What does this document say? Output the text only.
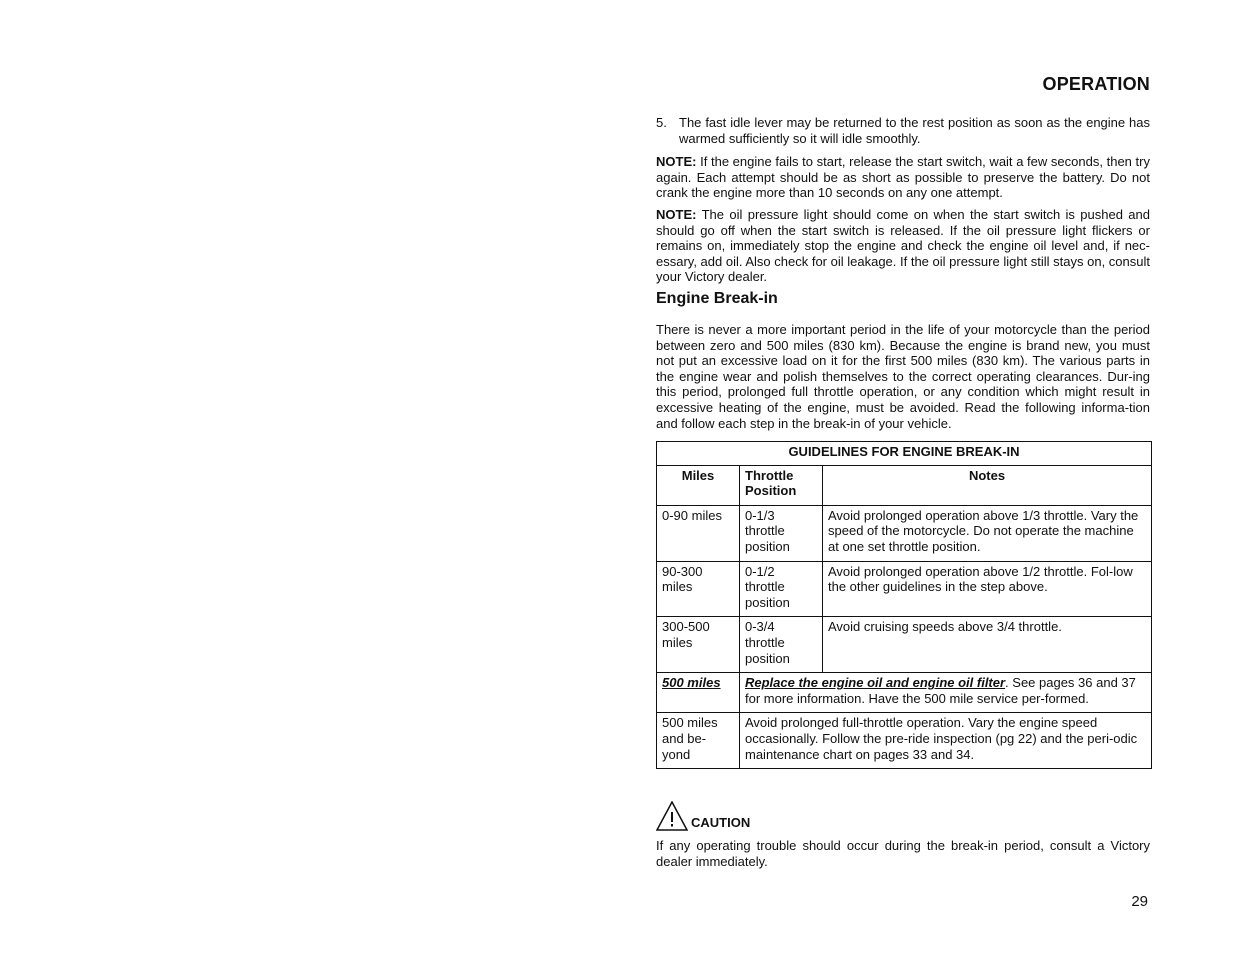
OPERATION
5. The fast idle lever may be returned to the rest position as soon as the engine has warmed sufficiently so it will idle smoothly.

NOTE: If the engine fails to start, release the start switch, wait a few seconds, then try again. Each attempt should be as short as possible to preserve the battery. Do not crank the engine more than 10 seconds on any one attempt.

NOTE: The oil pressure light should come on when the start switch is pushed and should go off when the start switch is released. If the oil pressure light flickers or remains on, immediately stop the engine and check the engine oil level and, if nec-essary, add oil. Also check for oil leakage. If the oil pressure light still stays on, consult your Victory dealer.

Engine Break-in

There is never a more important period in the life of your motorcycle than the period between zero and 500 miles (830 km). Because the engine is brand new, you must not put an excessive load on it for the first 500 miles (830 km). The various parts in the engine wear and polish themselves to the correct operating clearances. Dur-ing this period, prolonged full throttle operation, or any condition which might result in excessive heating of the engine, must be avoided. Read the following informa-tion and follow each step in the break-in of your vehicle.

GUIDELINES FOR ENGINE BREAK-IN		
Miles	Throttle Position	Notes
0-90 miles	0-1/3 throttle position	Avoid prolonged operation above 1/3 throttle. Vary the speed of the motorcycle. Do not operate the machine at one set throttle position.
90-300 miles	0-1/2 throttle position	Avoid prolonged operation above 1/2 throttle. Fol-low the other guidelines in the step above.
300-500 miles	0-3/4 throttle position	Avoid cruising speeds above 3/4 throttle.
500 miles	Replace the engine oil and engine oil filter. See pages 36 and 37 for more information. Have the 500 mile service per-formed.	
500 miles and be-yond	Avoid prolonged full-throttle operation. Vary the engine speed occasionally. Follow the pre-ride inspection (pg 22) and the peri-odic maintenance chart on pages 33 and 34.	
CAUTION

If any operating trouble should occur during the break-in period, consult a Victory dealer immediately.

29
